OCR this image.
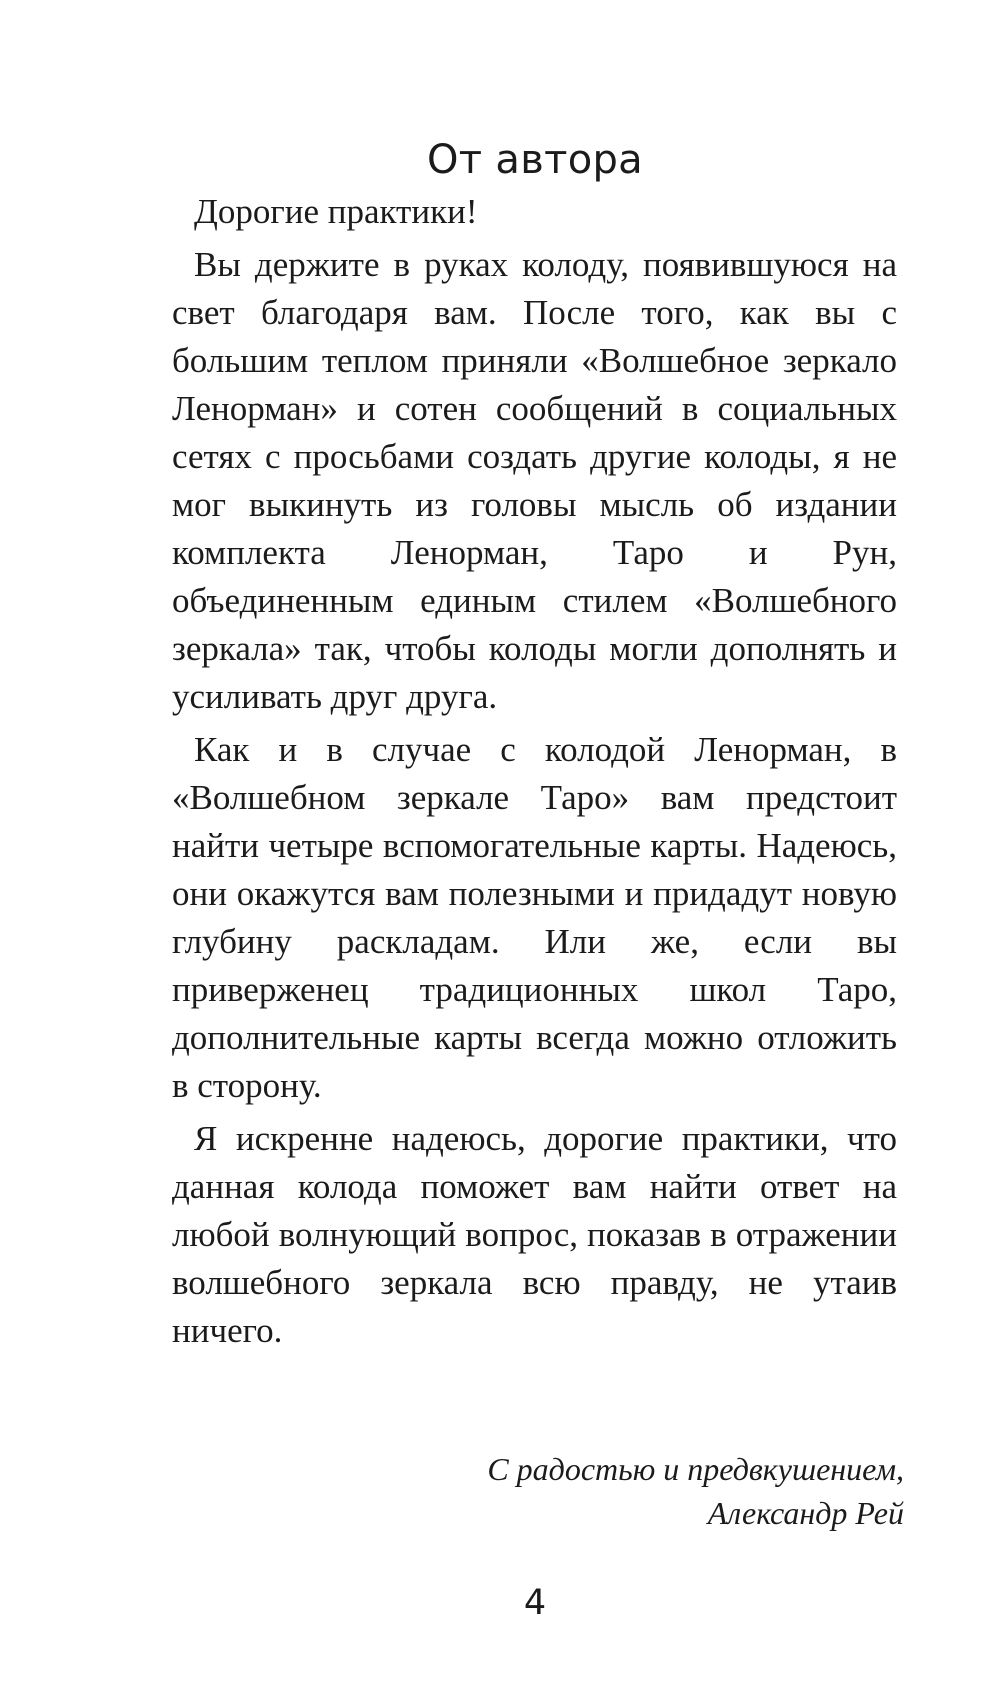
От автора

Дорогие практики!

Вы держите в руках колоду, появившуюся на свет благодаря вам. После того, как вы с большим теплом приняли «Волшебное зеркало Ленорман» и сотен сообщений в социальных сетях с просьбами создать другие колоды, я не мог выкинуть из головы мысль об издании комплекта Ленорман, Таро и Рун, объединенным единым стилем «Волшебного зеркала» так, чтобы колоды могли дополнять и усиливать друг друга.

Как и в случае с колодой Ленорман, в «Волшебном зеркале Таро» вам предстоит найти четыре вспомогательные карты. Надеюсь, они окажутся вам полезными и придадут новую глубину раскладам. Или же, если вы приверженец традиционных школ Таро, дополнительные карты всегда можно отложить в сторону.

Я искренне надеюсь, дорогие практики, что данная колода поможет вам найти ответ на любой волнующий вопрос, показав в отражении волшебного зеркала всю правду, не утаив ничего.

С радостью и предвкушением,
Александр Рей
4
